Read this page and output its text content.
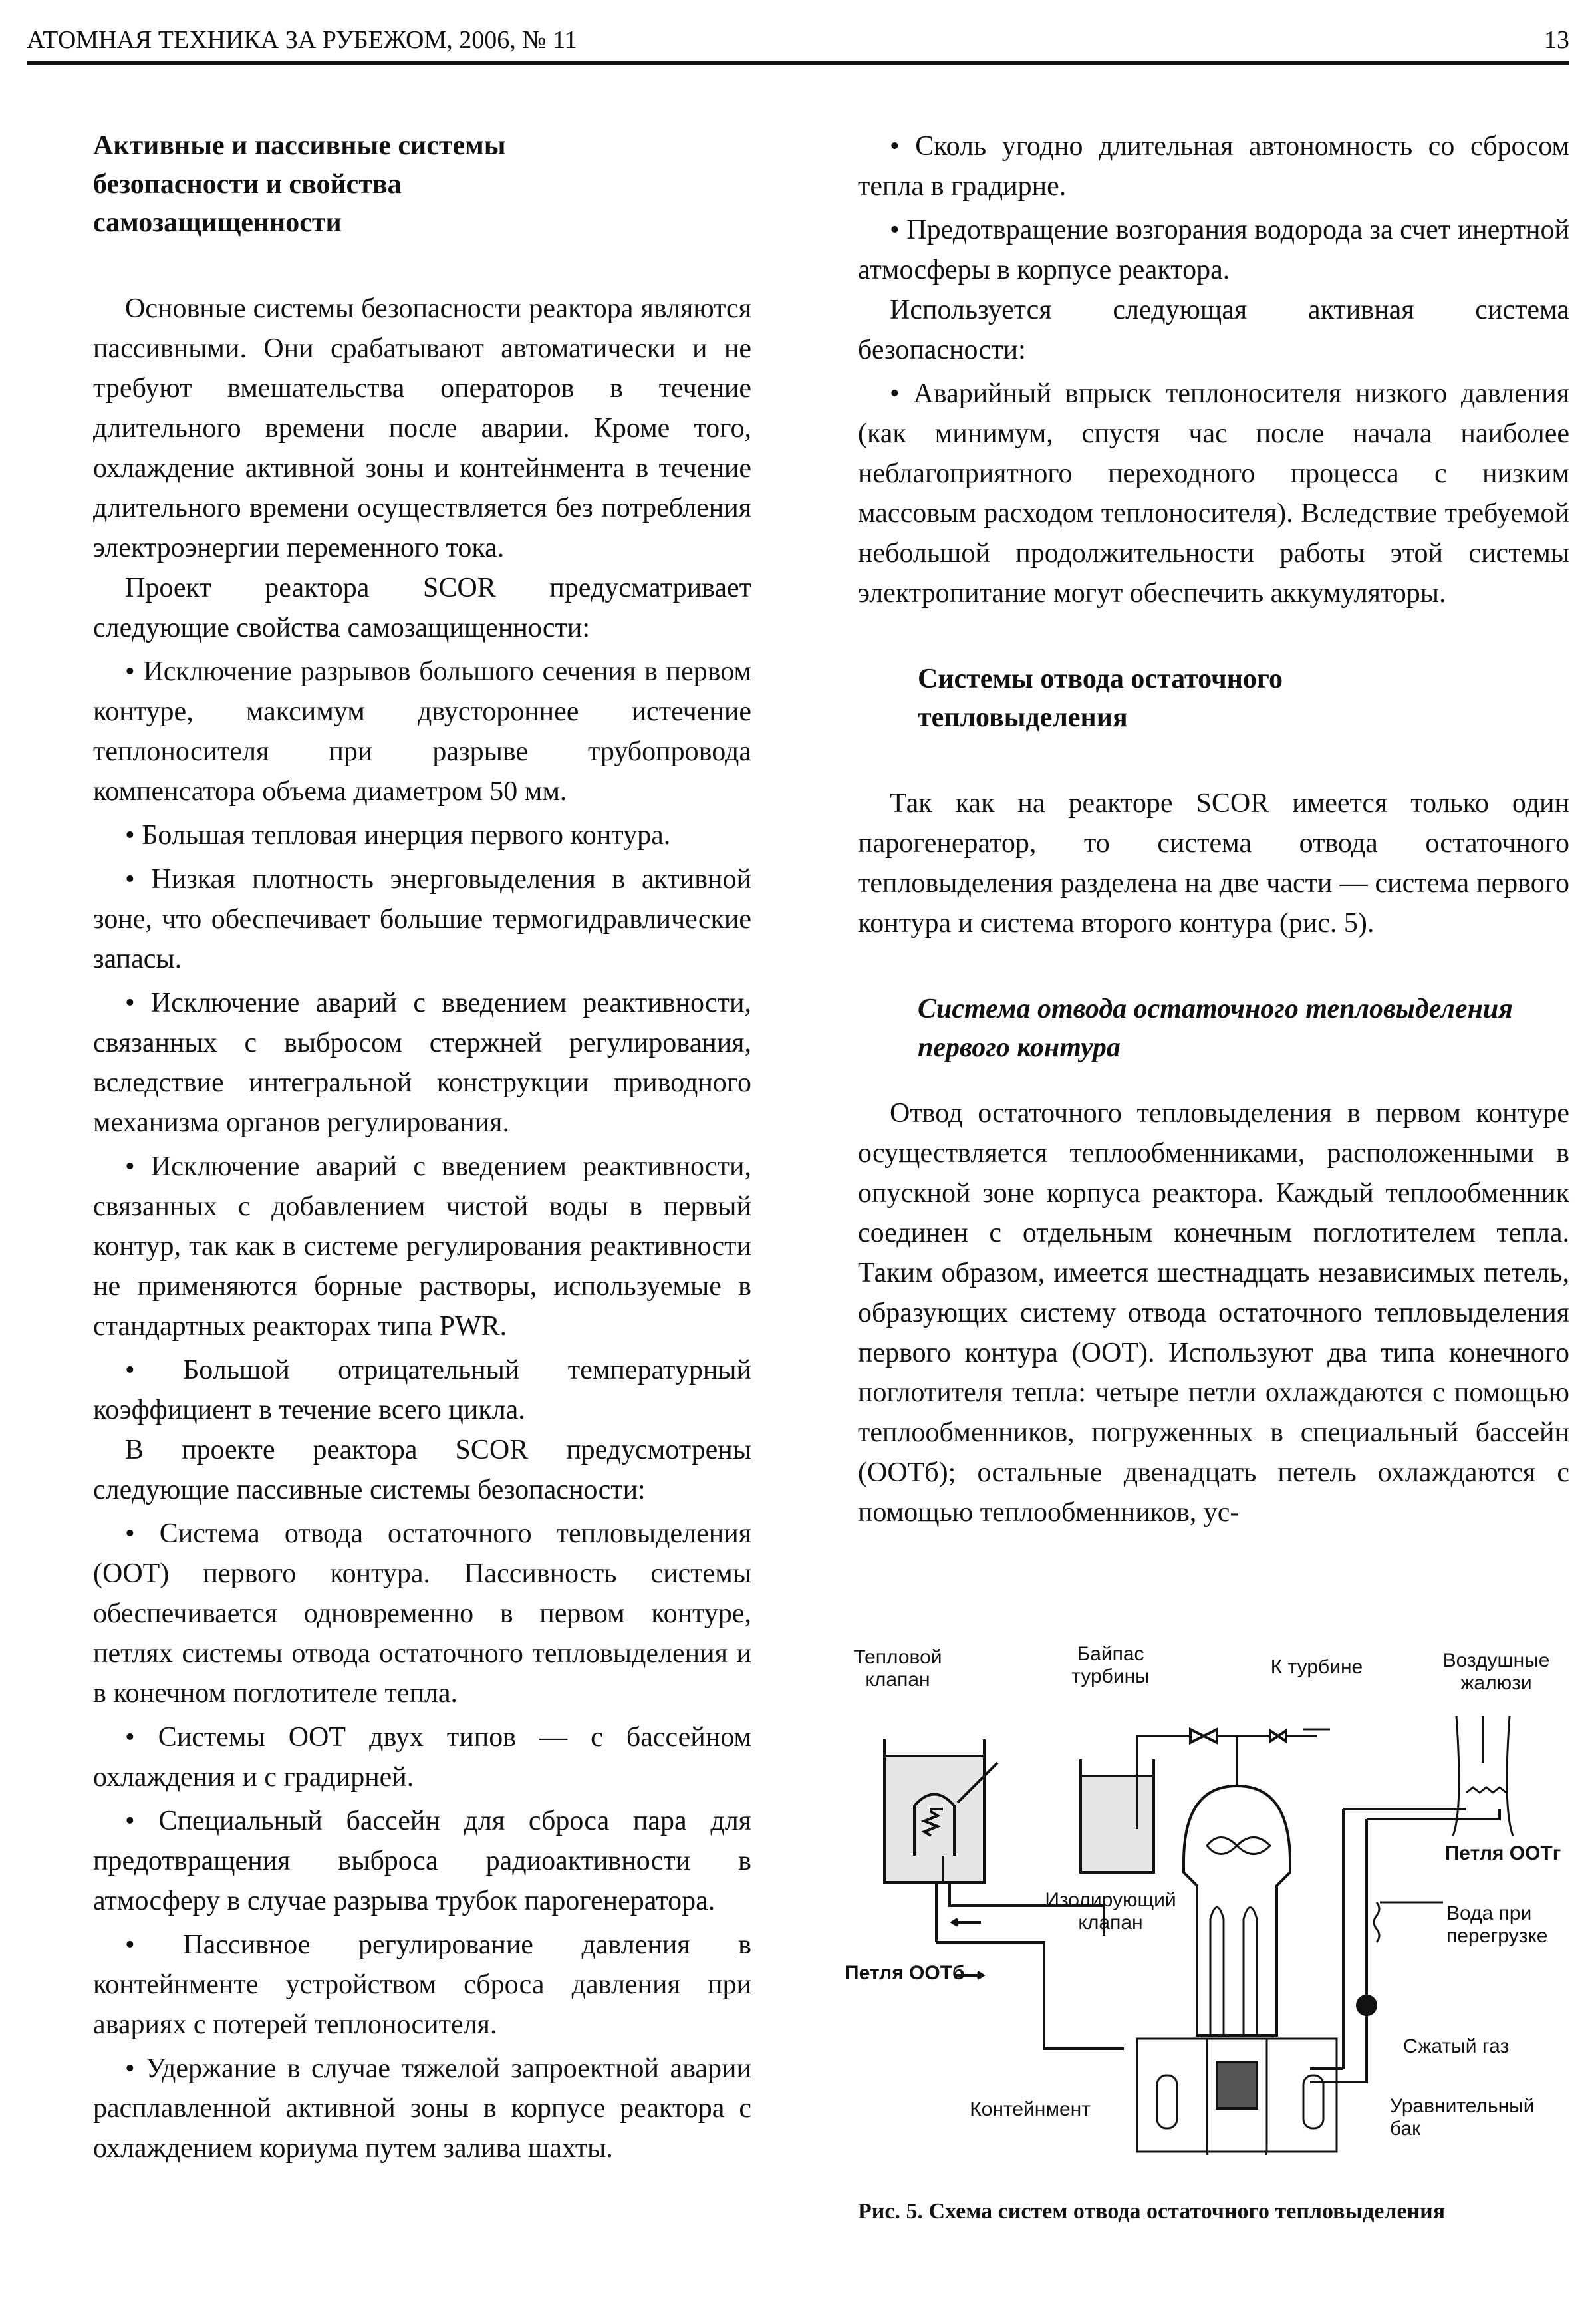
АТОМНАЯ ТЕХНИКА ЗА РУБЕЖОМ, 2006, № 11	13
Активные и пассивные системы безопасности и свойства самозащищенности

Основные системы безопасности реактора являются пассивными. Они срабатывают автоматически и не требуют вмешательства операторов в течение длительного времени после аварии. Кроме того, охлаждение активной зоны и контейнмента в течение длительного времени осуществляется без потребления электроэнергии переменного тока.

Проект реактора SCOR предусматривает следующие свойства самозащищенности:

• Исключение разрывов большого сечения в первом контуре, максимум двустороннее истечение теплоносителя при разрыве трубопровода компенсатора объема диаметром 50 мм.

• Большая тепловая инерция первого контура.

• Низкая плотность энерговыделения в активной зоне, что обеспечивает большие термогидравлические запасы.

• Исключение аварий с введением реактивности, связанных с выбросом стержней регулирования, вследствие интегральной конструкции приводного механизма органов регулирования.

• Исключение аварий с введением реактивности, связанных с добавлением чистой воды в первый контур, так как в системе регулирования реактивности не применяются борные растворы, используемые в стандартных реакторах типа PWR.

• Большой отрицательный температурный коэффициент в течение всего цикла.

В проекте реактора SCOR предусмотрены следующие пассивные системы безопасности:

• Система отвода остаточного тепловыделения (ООТ) первого контура. Пассивность системы обеспечивается одновременно в первом контуре, петлях системы отвода остаточного тепловыделения и в конечном поглотителе тепла.

• Системы ООТ двух типов — с бассейном охлаждения и с градирней.

• Специальный бассейн для сброса пара для предотвращения выброса радиоактивности в атмосферу в случае разрыва трубок парогенератора.

• Пассивное регулирование давления в контейнменте устройством сброса давления при авариях с потерей теплоносителя.

• Удержание в случае тяжелой запроектной аварии расплавленной активной зоны в корпусе реактора с охлаждением кориума путем залива шахты.

• Сколь угодно длительная автономность со сбросом тепла в градирне.

• Предотвращение возгорания водорода за счет инертной атмосферы в корпусе реактора.

Используется следующая активная система безопасности:

• Аварийный впрыск теплоносителя низкого давления (как минимум, спустя час после начала наиболее неблагоприятного переходного процесса с низким массовым расходом теплоносителя). Вследствие требуемой небольшой продолжительности работы этой системы электропитание могут обеспечить аккумуляторы.

Системы отвода остаточного тепловыделения

Так как на реакторе SCOR имеется только один парогенератор, то система отвода остаточного тепловыделения разделена на две части — система первого контура и система второго контура (рис. 5).

Система отвода остаточного тепловыделения первого контура

Отвод остаточного тепловыделения в первом контуре осуществляется теплообменниками, расположенными в опускной зоне корпуса реактора. Каждый теплообменник соединен с отдельным конечным поглотителем тепла. Таким образом, имеется шестнадцать независимых петель, образующих систему отвода остаточного тепловыделения первого контура (ООТ). Используют два типа конечного поглотителя тепла: четыре петли охлаждаются с помощью теплообменников, погруженных в специальный бассейн (ООТб); остальные двенадцать петель охлаждаются с помощью теплообменников, ус-

Тепловой клапан
Байпас турбины	К турбине	Воздушные жалюзи
Петля ООТг
Изолирующий клапан	Вода при перегрузке
Петля ООТб
Сжатый газ
Контейнмент	Уравнительный бак
Рис. 5. Схема систем отвода остаточного тепловыделения
